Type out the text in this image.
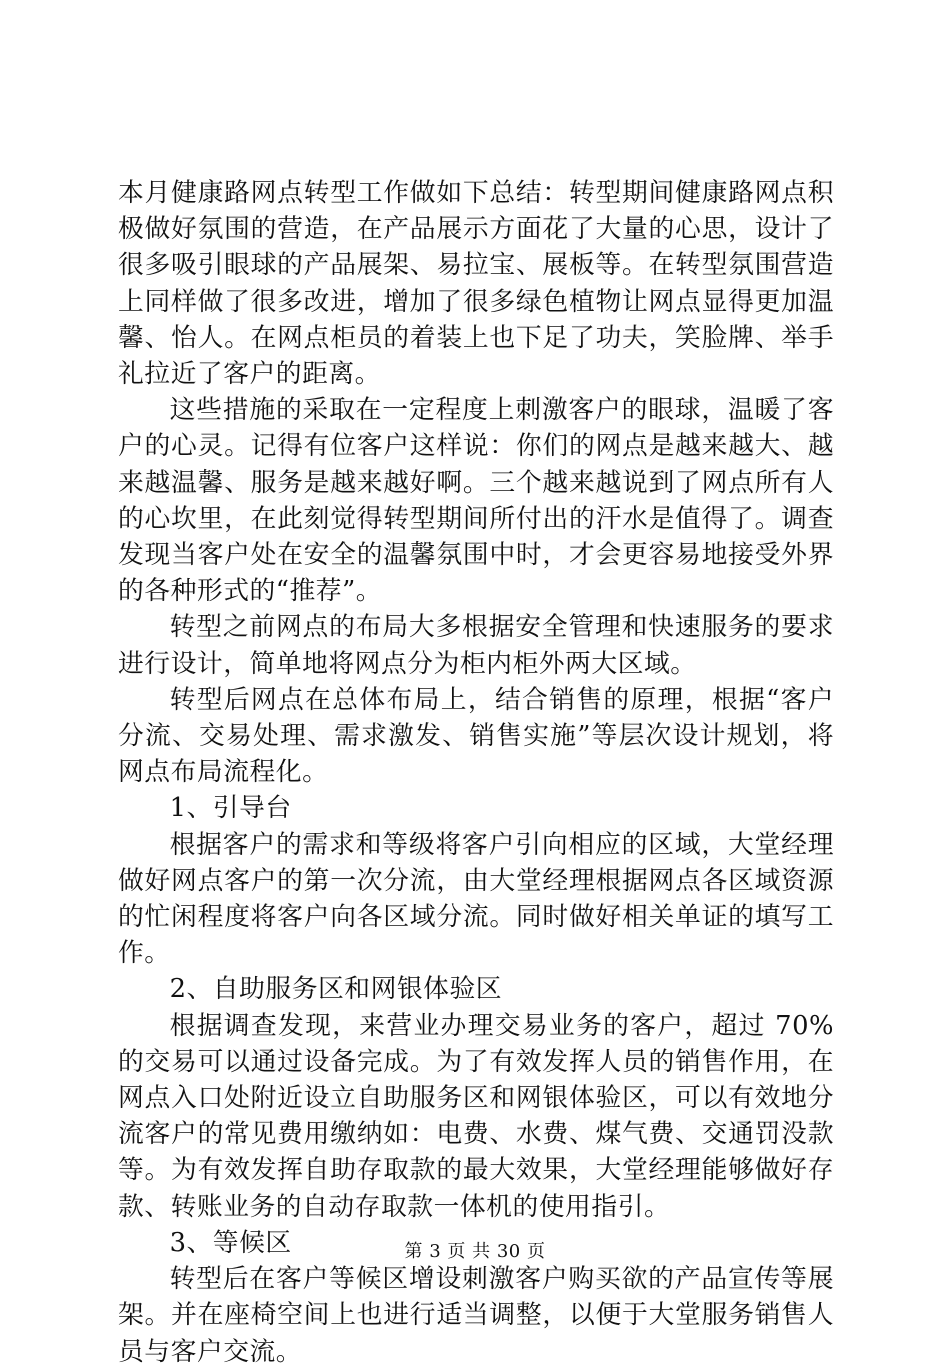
本月健康路网点转型工作做如下总结：转型期间健康路网点积极做好氛围的营造，在产品展示方面花了大量的心思，设计了很多吸引眼球的产品展架、易拉宝、展板等。在转型氛围营造上同样做了很多改进，增加了很多绿色植物让网点显得更加温馨、怡人。在网点柜员的着装上也下足了功夫，笑脸牌、举手礼拉近了客户的距离。

这些措施的采取在一定程度上刺激客户的眼球，温暖了客户的心灵。记得有位客户这样说：你们的网点是越来越大、越来越温馨、服务是越来越好啊。三个越来越说到了网点所有人的心坎里，在此刻觉得转型期间所付出的汗水是值得了。调查发现当客户处在安全的温馨氛围中时，才会更容易地接受外界的各种形式的“推荐”。

转型之前网点的布局大多根据安全管理和快速服务的要求进行设计，简单地将网点分为柜内柜外两大区域。

转型后网点在总体布局上，结合销售的原理，根据“客户分流、交易处理、需求激发、销售实施”等层次设计规划，将网点布局流程化。

1、引导台

根据客户的需求和等级将客户引向相应的区域，大堂经理做好网点客户的第一次分流，由大堂经理根据网点各区域资源的忙闲程度将客户向各区域分流。同时做好相关单证的填写工作。

2、自助服务区和网银体验区

根据调查发现，来营业办理交易业务的客户，超过 70%的交易可以通过设备完成。为了有效发挥人员的销售作用，在网点入口处附近设立自助服务区和网银体验区，可以有效地分流客户的常见费用缴纳如：电费、水费、煤气费、交通罚没款等。为有效发挥自助存取款的最大效果，大堂经理能够做好存款、转账业务的自动存取款一体机的使用指引。

3、等候区

转型后在客户等候区增设刺激客户购买欲的产品宣传等展架。并在座椅空间上也进行适当调整，以便于大堂服务销售人员与客户交流。

第 3 页 共 30 页
